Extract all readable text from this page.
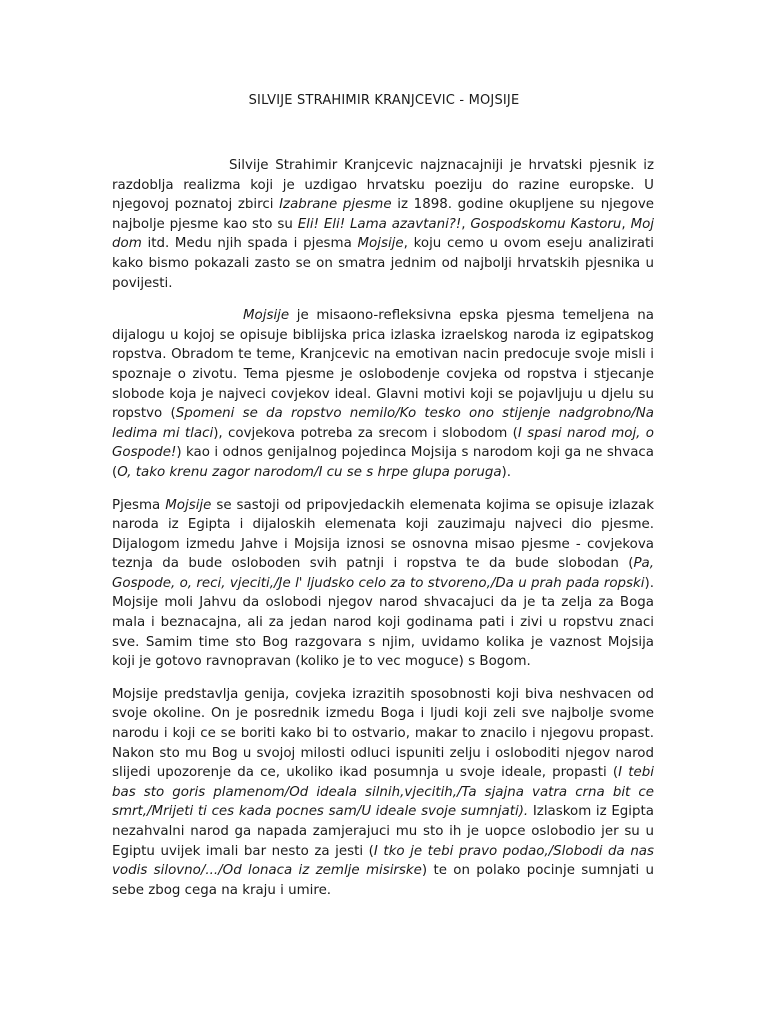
SILVIJE STRAHIMIR KRANJCEVIC - MOJSIJE

Silvije Strahimir Kranjcevic najznacajniji je hrvatski pjesnik iz razdoblja realizma koji je uzdigao hrvatsku poeziju do razine europske. U njegovoj poznatoj zbirci Izabrane pjesme iz 1898. godine okupljene su njegove najbolje pjesme kao sto su Eli! Eli! Lama azavtani?!, Gospodskomu Kastoru, Moj dom itd. Medu njih spada i pjesma Mojsije, koju cemo u ovom eseju analizirati kako bismo pokazali zasto se on smatra jednim od najbolji hrvatskih pjesnika u povijesti.

Mojsije je misaono-refleksivna epska pjesma temeljena na dijalogu u kojoj se opisuje biblijska prica izlaska izraelskog naroda iz egipatskog ropstva. Obradom te teme, Kranjcevic na emotivan nacin predocuje svoje misli i spoznaje o zivotu. Tema pjesme je oslobodenje covjeka od ropstva i stjecanje slobode koja je najveci covjekov ideal. Glavni motivi koji se pojavljuju u djelu su ropstvo (Spomeni se da ropstvo nemilo/Ko tesko ono stijenje nadgrobno/Na ledima mi tlaci), covjekova potreba za srecom i slobodom (I spasi narod moj, o Gospode!) kao i odnos genijalnog pojedinca Mojsija s narodom koji ga ne shvaca (O, tako krenu zagor narodom/I cu se s hrpe glupa poruga).

Pjesma Mojsije se sastoji od pripovjedackih elemenata kojima se opisuje izlazak naroda iz Egipta i dijaloskih elemenata koji zauzimaju najveci dio pjesme. Dijalogom izmedu Jahve i Mojsija iznosi se osnovna misao pjesme - covjekova teznja da bude osloboden svih patnji i ropstva te da bude slobodan (Pa, Gospode, o, reci, vjeciti,/Je l' ljudsko celo za to stvoreno,/Da u prah pada ropski). Mojsije moli Jahvu da oslobodi njegov narod shvacajuci da je ta zelja za Boga mala i beznacajna, ali za jedan narod koji godinama pati i zivi u ropstvu znaci sve. Samim time sto Bog razgovara s njim, uvidamo kolika je vaznost Mojsija koji je gotovo ravnopravan (koliko je to vec moguce) s Bogom.

Mojsije predstavlja genija, covjeka izrazitih sposobnosti koji biva neshvacen od svoje okoline. On je posrednik izmedu Boga i ljudi koji zeli sve najbolje svome narodu i koji ce se boriti kako bi to ostvario, makar to znacilo i njegovu propast. Nakon sto mu Bog u svojoj milosti odluci ispuniti zelju i osloboditi njegov narod slijedi upozorenje da ce, ukoliko ikad posumnja u svoje ideale, propasti (I tebi bas sto goris plamenom/Od ideala silnih,vjecitih,/Ta sjajna vatra crna bit ce smrt,/Mrijeti ti ces kada pocnes sam/U ideale svoje sumnjati). Izlaskom iz Egipta nezahvalni narod ga napada zamjerajuci mu sto ih je uopce oslobodio jer su u Egiptu uvijek imali bar nesto za jesti (I tko je tebi pravo podao,/Slobodi da nas vodis silovno/.../Od lonaca iz zemlje misirske) te on polako pocinje sumnjati u sebe zbog cega na kraju i umire.
